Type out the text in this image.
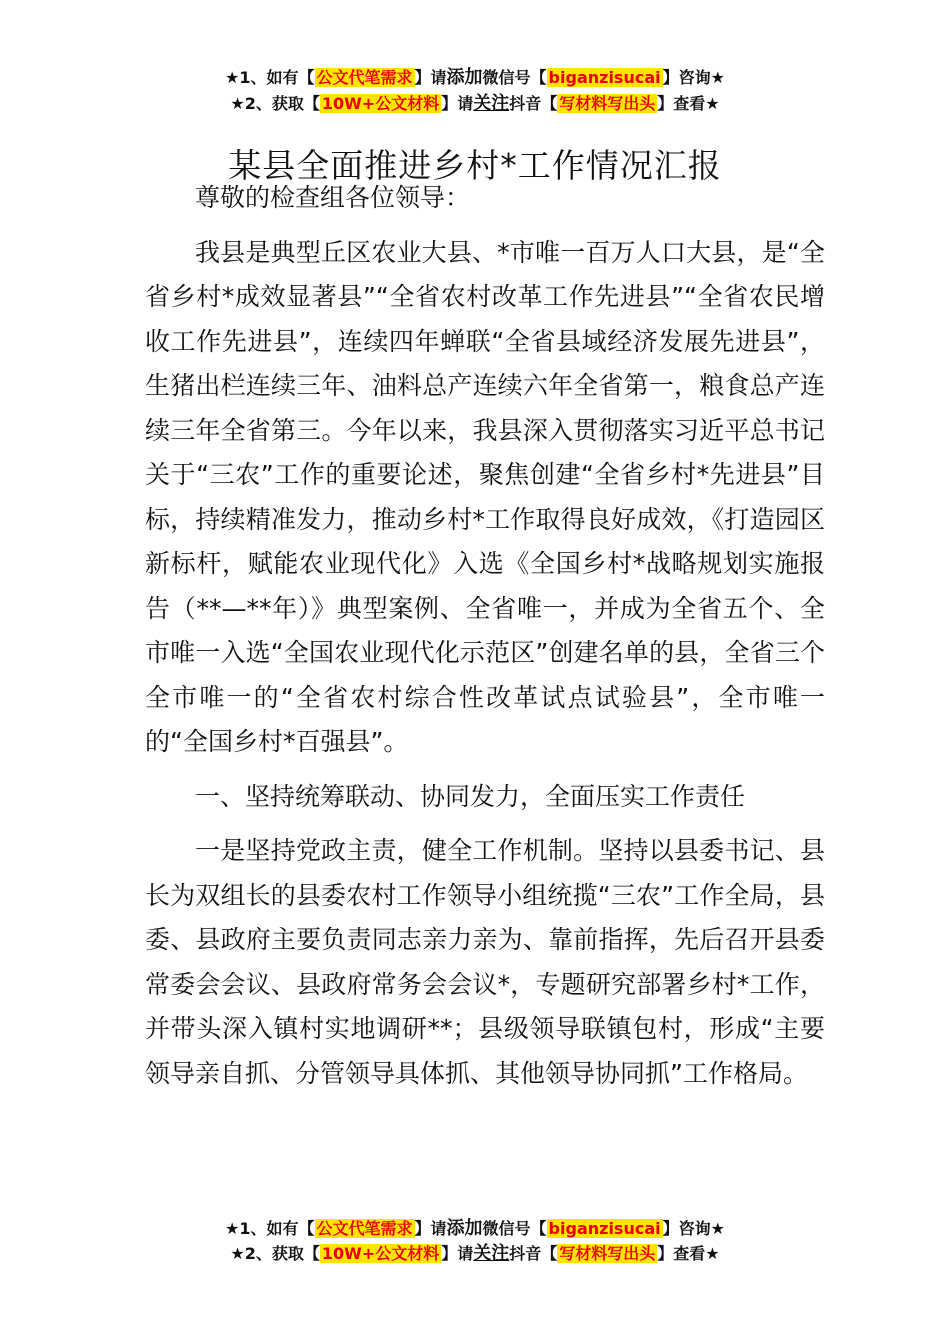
★1、如有【 公文代笔需求 】请添加微信号【 biganzisucai 】咨询★
★2、获取【 10W+公文材料 】请关注抖音【 写材料写出头 】查看★
某县全面推进乡村*工作情况汇报

尊敬的检查组各位领导：

我县是典型丘区农业大县、*市唯一百万人口大县，是“全省乡村*成效显著县”“全省农村改革工作先进县”“全省农民增收工作先进县”，连续四年蝉联“全省县域经济发展先进县”，生猪出栏连续三年、油料总产连续六年全省第一，粮食总产连续三年全省第三。今年以来，我县深入贯彻落实习近平总书记关于“三农”工作的重要论述，聚焦创建“全省乡村*先进县”目标，持续精准发力，推动乡村*工作取得良好成效，《打造园区新标杆，赋能农业现代化》入选《全国乡村*战略规划实施报告（**—**年）》典型案例、全省唯一，并成为全省五个、全市唯一入选“全国农业现代化示范区”创建名单的县，全省三个全市唯一的“全省农村综合性改革试点试验县”，全市唯一的“全国乡村*百强县”。

一、坚持统筹联动、协同发力，全面压实工作责任

一是坚持党政主责，健全工作机制。坚持以县委书记、县长为双组长的县委农村工作领导小组统揽“三农”工作全局，县委、县政府主要负责同志亲力亲为、靠前指挥，先后召开县委常委会会议、县政府常务会会议*，专题研究部署乡村*工作，并带头深入镇村实地调研**；县级领导联镇包村，形成“主要领导亲自抓、分管领导具体抓、其他领导协同抓”工作格局。

★1、如有【 公文代笔需求 】请添加微信号【 biganzisucai 】咨询★
★2、获取【 10W+公文材料 】请关注抖音【 写材料写出头 】查看★
